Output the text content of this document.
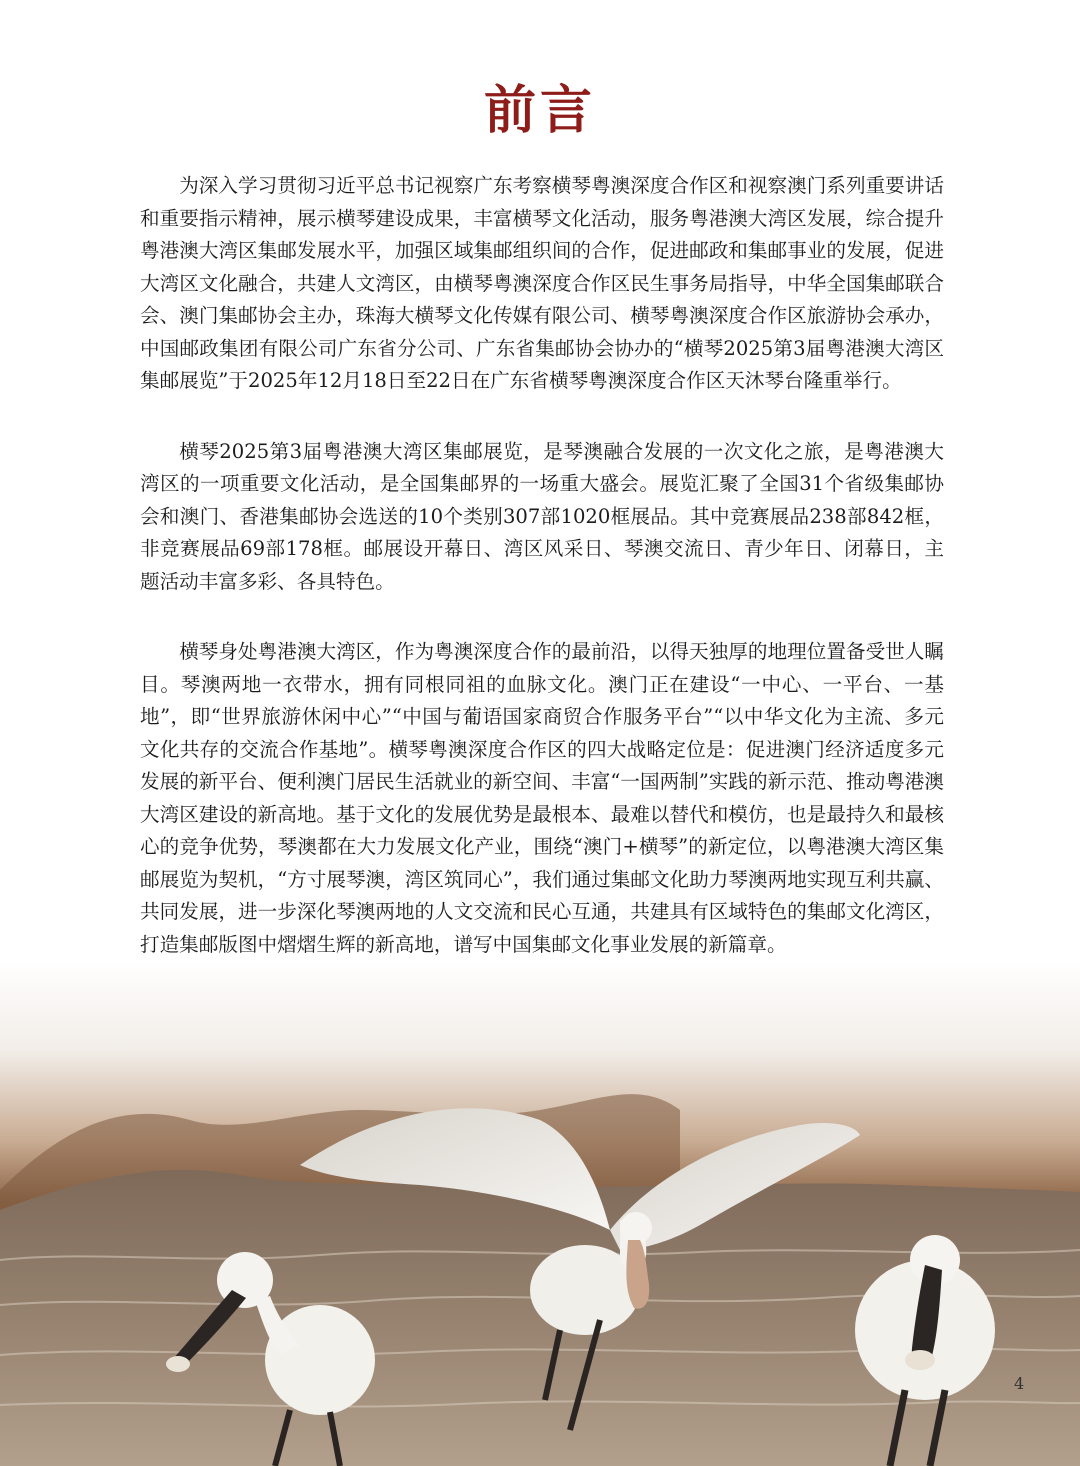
前言

为深入学习贯彻习近平总书记视察广东考察横琴粤澳深度合作区和视察澳门系列重要讲话和重要指示精神，展示横琴建设成果，丰富横琴文化活动，服务粤港澳大湾区发展，综合提升粤港澳大湾区集邮发展水平，加强区域集邮组织间的合作，促进邮政和集邮事业的发展，促进大湾区文化融合，共建人文湾区，由横琴粤澳深度合作区民生事务局指导，中华全国集邮联合会、澳门集邮协会主办，珠海大横琴文化传媒有限公司、横琴粤澳深度合作区旅游协会承办，中国邮政集团有限公司广东省分公司、广东省集邮协会协办的“横琴2025第3届粤港澳大湾区集邮展览”于2025年12月18日至22日在广东省横琴粤澳深度合作区天沐琴台隆重举行。

横琴2025第3届粤港澳大湾区集邮展览，是琴澳融合发展的一次文化之旅，是粤港澳大湾区的一项重要文化活动，是全国集邮界的一场重大盛会。展览汇聚了全国31个省级集邮协会和澳门、香港集邮协会选送的10个类别307部1020框展品。其中竞赛展品238部842框，非竞赛展品69部178框。邮展设开幕日、湾区风采日、琴澳交流日、青少年日、闭幕日，主题活动丰富多彩、各具特色。

横琴身处粤港澳大湾区，作为粤澳深度合作的最前沿，以得天独厚的地理位置备受世人瞩目。琴澳两地一衣带水，拥有同根同祖的血脉文化。澳门正在建设“一中心、一平台、一基地”，即“世界旅游休闲中心”“中国与葡语国家商贸合作服务平台”“以中华文化为主流、多元文化共存的交流合作基地”。横琴粤澳深度合作区的四大战略定位是：促进澳门经济适度多元发展的新平台、便利澳门居民生活就业的新空间、丰富“一国两制”实践的新示范、推动粤港澳大湾区建设的新高地。基于文化的发展优势是最根本、最难以替代和模仿，也是最持久和最核心的竞争优势，琴澳都在大力发展文化产业，围绕“澳门+横琴”的新定位，以粤港澳大湾区集邮展览为契机，“方寸展琴澳，湾区筑同心”，我们通过集邮文化助力琴澳两地实现互利共赢、共同发展，进一步深化琴澳两地的人文交流和民心互通，共建具有区域特色的集邮文化湾区，打造集邮版图中熠熠生辉的新高地，谱写中国集邮文化事业发展的新篇章。

4
